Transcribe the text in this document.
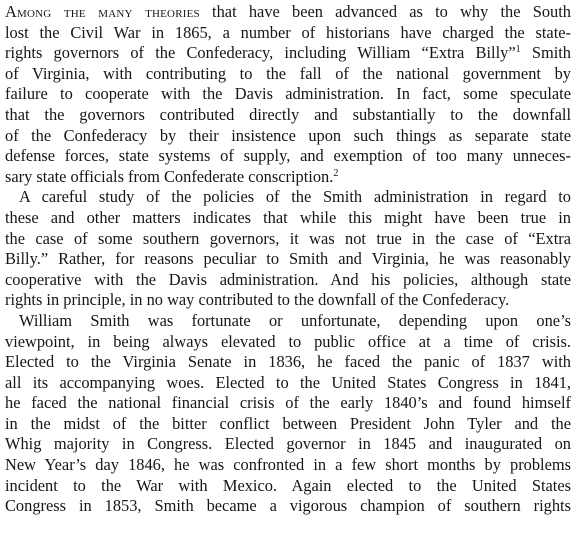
Among the many theories that have been advanced as to why the South
lost the Civil War in 1865, a number of historians have charged the state-
rights governors of the Confederacy, including William “Extra Billy”$^1$ Smith
of Virginia, with contributing to the fall of the national government by
failure to cooperate with the Davis administration. In fact, some speculate
that the governors contributed directly and substantially to the downfall
of the Confederacy by their insistence upon such things as separate state
defense forces, state systems of supply, and exemption of too many unneces-
sary state officials from Confederate conscription.$^2$
A careful study of the policies of the Smith administration in regard to
these and other matters indicates that while this might have been true in
the case of some southern governors, it was not true in the case of “Extra
Billy.” Rather, for reasons peculiar to Smith and Virginia, he was reasonably
cooperative with the Davis administration. And his policies, although state
rights in principle, in no way contributed to the downfall of the Confederacy.
William Smith was fortunate or unfortunate, depending upon one’s
viewpoint, in being always elevated to public office at a time of crisis.
Elected to the Virginia Senate in 1836, he faced the panic of 1837 with
all its accompanying woes. Elected to the United States Congress in 1841,
he faced the national financial crisis of the early 1840’s and found himself
in the midst of the bitter conflict between President John Tyler and the
Whig majority in Congress. Elected governor in 1845 and inaugurated on
New Year’s day 1846, he was confronted in a few short months by problems
incident to the War with Mexico. Again elected to the United States
Congress in 1853, Smith became a vigorous champion of southern rights
